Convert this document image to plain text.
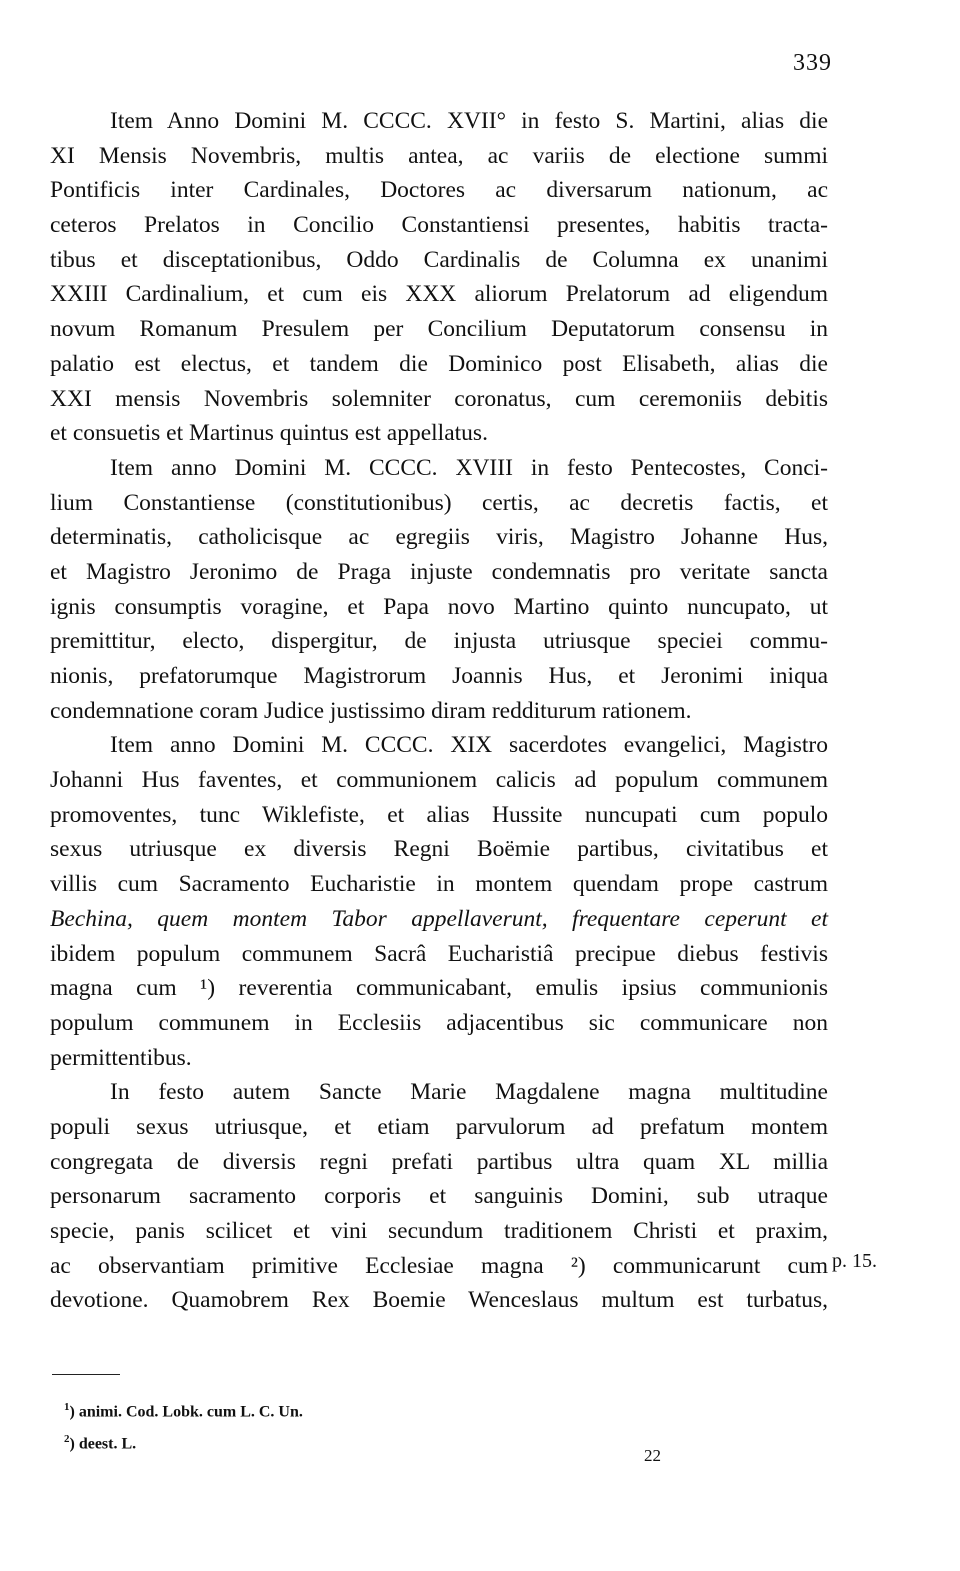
339
Item Anno Domini M. CCCC. XVII° in festo S. Martini, alias die
XI Mensis Novembris, multis antea, ac variis de electione summi
Pontificis inter Cardinales, Doctores ac diversarum nationum, ac
ceteros Prelatos in Concilio Constantiensi presentes, habitis tracta-
tibus et disceptationibus, Oddo Cardinalis de Columna ex unanimi
XXIII Cardinalium, et cum eis XXX aliorum Prelatorum ad eligendum
novum Romanum Presulem per Concilium Deputatorum consensu in
palatio est electus, et tandem die Dominico post Elisabeth, alias die
XXI mensis Novembris solemniter coronatus, cum ceremoniis debitis
et consuetis et Martinus quintus est appellatus.
Item anno Domini M. CCCC. XVIII in festo Pentecostes, Conci-
lium Constantiense (constitutionibus) certis, ac decretis factis, et
determinatis, catholicisque ac egregiis viris, Magistro Johanne Hus,
et Magistro Jeronimo de Praga injuste condemnatis pro veritate sancta
ignis consumptis voragine, et Papa novo Martino quinto nuncupato, ut
premittitur, electo, dispergitur, de injusta utriusque speciei commu-
nionis, prefatorumque Magistrorum Joannis Hus, et Jeronimi iniqua
condemnatione coram Judice justissimo diram redditurum rationem.
Item anno Domini M. CCCC. XIX sacerdotes evangelici, Magistro
Johanni Hus faventes, et communionem calicis ad populum communem
promoventes, tunc Wiklefiste, et alias Hussite nuncupati cum populo
sexus utriusque ex diversis Regni Boëmie partibus, civitatibus et
villis cum Sacramento Eucharistie in montem quendam prope castrum
Bechina, quem montem Tabor appellaverunt, frequentare ceperunt et
ibidem populum communem Sacrâ Eucharistiâ precipue diebus festivis
magna cum ¹) reverentia communicabant, emulis ipsius communionis
populum communem in Ecclesiis adjacentibus sic communicare non
permittentibus.
In festo autem Sancte Marie Magdalene magna multitudine
populi sexus utriusque, et etiam parvulorum ad prefatum montem
congregata de diversis regni prefati partibus ultra quam XL millia
personarum sacramento corporis et sanguinis Domini, sub utraque
specie, panis scilicet et vini secundum traditionem Christi et praxim,
ac observantiam primitive Ecclesiae magna ²) communicarunt cum
devotione. Quamobrem Rex Boemie Wenceslaus multum est turbatus,
p. 15.
$^1$) animi. Cod. Lobk. cum L. C. Un.
$^2$) deest. L.
22
